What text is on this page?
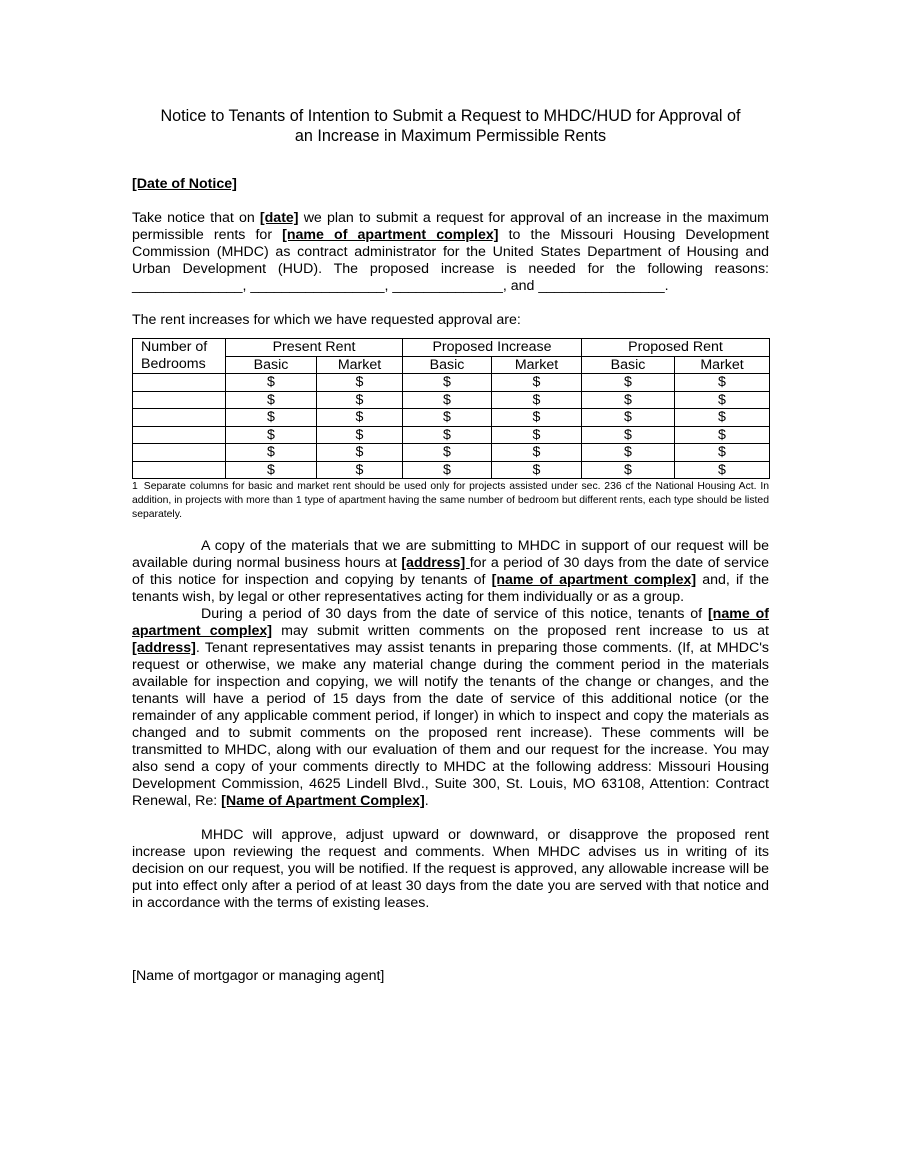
Notice to Tenants of Intention to Submit a Request to MHDC/HUD for Approval of
an Increase in Maximum Permissible Rents
[Date of Notice]

Take notice that on [date] we plan to submit a request for approval of an increase in the maximum permissible rents for [name of apartment complex] to the Missouri Housing Development Commission (MHDC) as contract administrator for the United States Department of Housing and Urban Development (HUD). The proposed increase is needed for the following reasons: ______________, _________________, ______________, and ________________.

The rent increases for which we have requested approval are:

Number of Bedrooms	Present Rent		Proposed Increase		Proposed Rent	
	Basic	Market	Basic	Market	Basic	Market
	$	$	$	$	$	$
	$	$	$	$	$	$
	$	$	$	$	$	$
	$	$	$	$	$	$
	$	$	$	$	$	$
	$	$	$	$	$	$
1 Separate columns for basic and market rent should be used only for projects assisted under sec. 236 cf the National Housing Act. In addition, in projects with more than 1 type of apartment having the same number of bedroom but different rents, each type should be listed separately.

A copy of the materials that we are submitting to MHDC in support of our request will be available during normal business hours at [address] for a period of 30 days from the date of service of this notice for inspection and copying by tenants of [name of apartment complex] and, if the tenants wish, by legal or other representatives acting for them individually or as a group.

During a period of 30 days from the date of service of this notice, tenants of [name of apartment complex] may submit written comments on the proposed rent increase to us at [address]. Tenant representatives may assist tenants in preparing those comments. (If, at MHDC's request or otherwise, we make any material change during the comment period in the materials available for inspection and copying, we will notify the tenants of the change or changes, and the tenants will have a period of 15 days from the date of service of this additional notice (or the remainder of any applicable comment period, if longer) in which to inspect and copy the materials as changed and to submit comments on the proposed rent increase). These comments will be transmitted to MHDC, along with our evaluation of them and our request for the increase. You may also send a copy of your comments directly to MHDC at the following address: Missouri Housing Development Commission, 4625 Lindell Blvd., Suite 300, St. Louis, MO 63108, Attention: Contract Renewal, Re: [Name of Apartment Complex].

MHDC will approve, adjust upward or downward, or disapprove the proposed rent increase upon reviewing the request and comments. When MHDC advises us in writing of its decision on our request, you will be notified. If the request is approved, any allowable increase will be put into effect only after a period of at least 30 days from the date you are served with that notice and in accordance with the terms of existing leases.

[Name of mortgagor or managing agent]
